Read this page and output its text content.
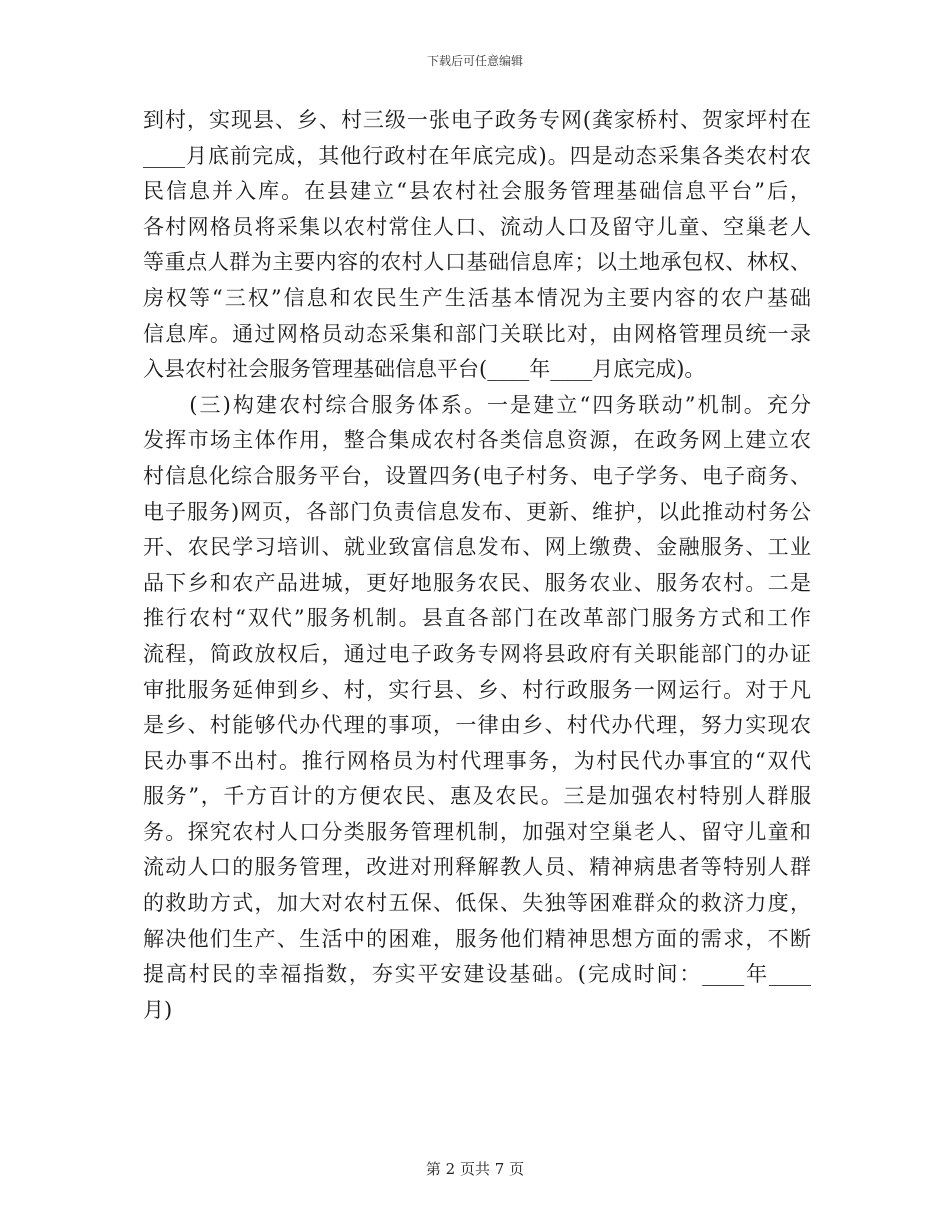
下载后可任意编辑
到村，实现县、乡、村三级一张电子政务专网(龚家桥村、贺家坪村在
____月底前完成，其他行政村在年底完成)。四是动态采集各类农村农
民信息并入库。在县建立“县农村社会服务管理基础信息平台”后，
各村网格员将采集以农村常住人口、流动人口及留守儿童、空巢老人
等重点人群为主要内容的农村人口基础信息库；以土地承包权、林权、
房权等“三权”信息和农民生产生活基本情况为主要内容的农户基础
信息库。通过网格员动态采集和部门关联比对，由网格管理员统一录
入县农村社会服务管理基础信息平台(____年____月底完成)。
　　(三)构建农村综合服务体系。一是建立“四务联动”机制。充分
发挥市场主体作用，整合集成农村各类信息资源，在政务网上建立农
村信息化综合服务平台，设置四务(电子村务、电子学务、电子商务、
电子服务)网页，各部门负责信息发布、更新、维护，以此推动村务公
开、农民学习培训、就业致富信息发布、网上缴费、金融服务、工业
品下乡和农产品进城，更好地服务农民、服务农业、服务农村。二是
推行农村“双代”服务机制。县直各部门在改革部门服务方式和工作
流程，简政放权后，通过电子政务专网将县政府有关职能部门的办证
审批服务延伸到乡、村，实行县、乡、村行政服务一网运行。对于凡
是乡、村能够代办代理的事项，一律由乡、村代办代理，努力实现农
民办事不出村。推行网格员为村代理事务，为村民代办事宜的“双代
服务”，千方百计的方便农民、惠及农民。三是加强农村特别人群服
务。探究农村人口分类服务管理机制，加强对空巢老人、留守儿童和
流动人口的服务管理，改进对刑释解教人员、精神病患者等特别人群
的救助方式，加大对农村五保、低保、失独等困难群众的救济力度，
解决他们生产、生活中的困难，服务他们精神思想方面的需求，不断
提高村民的幸福指数，夯实平安建设基础。(完成时间：____年____
月)
第 2 页共 7 页
